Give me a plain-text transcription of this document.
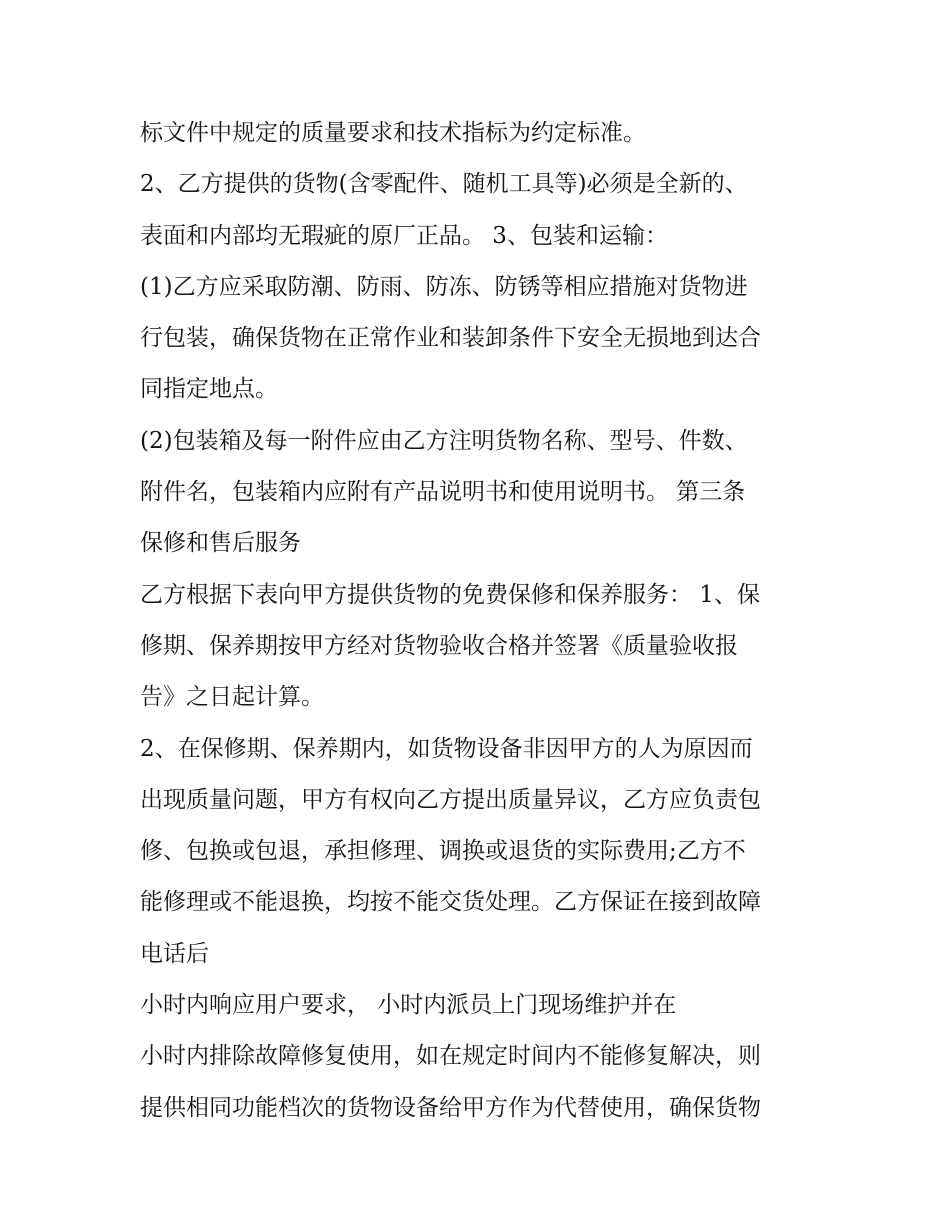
标文件中规定的质量要求和技术指标为约定标准。
2、乙方提供的货物(含零配件、随机工具等)必须是全新的、
表面和内部均无瑕疵的原厂正品。 3、包装和运输：
(1)乙方应采取防潮、防雨、防冻、防锈等相应措施对货物进
行包装，确保货物在正常作业和装卸条件下安全无损地到达合
同指定地点。
(2)包装箱及每一附件应由乙方注明货物名称、型号、件数、
附件名，包装箱内应附有产品说明书和使用说明书。 第三条
保修和售后服务
乙方根据下表向甲方提供货物的免费保修和保养服务： 1、保
修期、保养期按甲方经对货物验收合格并签署《质量验收报
告》之日起计算。
2、在保修期、保养期内，如货物设备非因甲方的人为原因而
出现质量问题，甲方有权向乙方提出质量异议，乙方应负责包
修、包换或包退，承担修理、调换或退货的实际费用;乙方不
能修理或不能退换，均按不能交货处理。乙方保证在接到故障
电话后
小时内响应用户要求， 小时内派员上门现场维护并在
小时内排除故障修复使用，如在规定时间内不能修复解决，则
提供相同功能档次的货物设备给甲方作为代替使用，确保货物
